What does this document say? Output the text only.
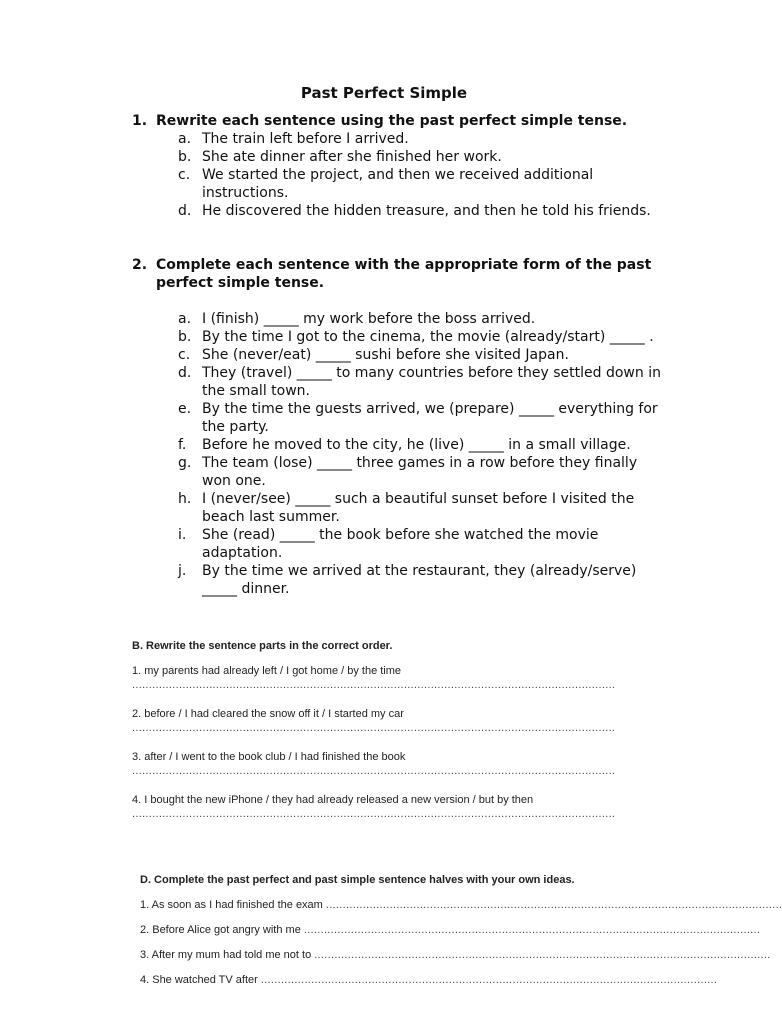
Past Perfect Simple
1. Rewrite each sentence using the past perfect simple tense.
a. The train left before I arrived.
b. She ate dinner after she finished her work.
c. We started the project, and then we received additional instructions.
d. He discovered the hidden treasure, and then he told his friends.
2. Complete each sentence with the appropriate form of the past perfect simple tense.
a. I (finish) _____ my work before the boss arrived.
b. By the time I got to the cinema, the movie (already/start) _____ .
c. She (never/eat) _____ sushi before she visited Japan.
d. They (travel) _____ to many countries before they settled down in the small town.
e. By the time the guests arrived, we (prepare) _____ everything for the party.
f.	Before he moved to the city, he (live) _____ in a small village.
g. The team (lose) _____ three games in a row before they finally won one.
h. I (never/see) _____ such a beautiful sunset before I visited the beach last summer.
i.	She (read) _____ the book before she watched the movie adaptation.
j.	By the time we arrived at the restaurant, they (already/serve) _____ dinner.

B. Rewrite the sentence parts in the correct order.

1. my parents had already left / I got home / by the time

................................................................................................................................................

2. before / I had cleared the snow off it / I started my car

................................................................................................................................................

3. after / I went to the book club / I had finished the book

................................................................................................................................................

4. I bought the new iPhone / they had already released a new version / but by then

................................................................................................................................................

D. Complete the past perfect and past simple sentence halves with your own ideas.

1. As soon as I had finished the exam ........................................................................................................................................
2. Before Alice got angry with me ........................................................................................................................................
3. After my mum had told me not to ........................................................................................................................................
4. She watched TV after ........................................................................................................................................
